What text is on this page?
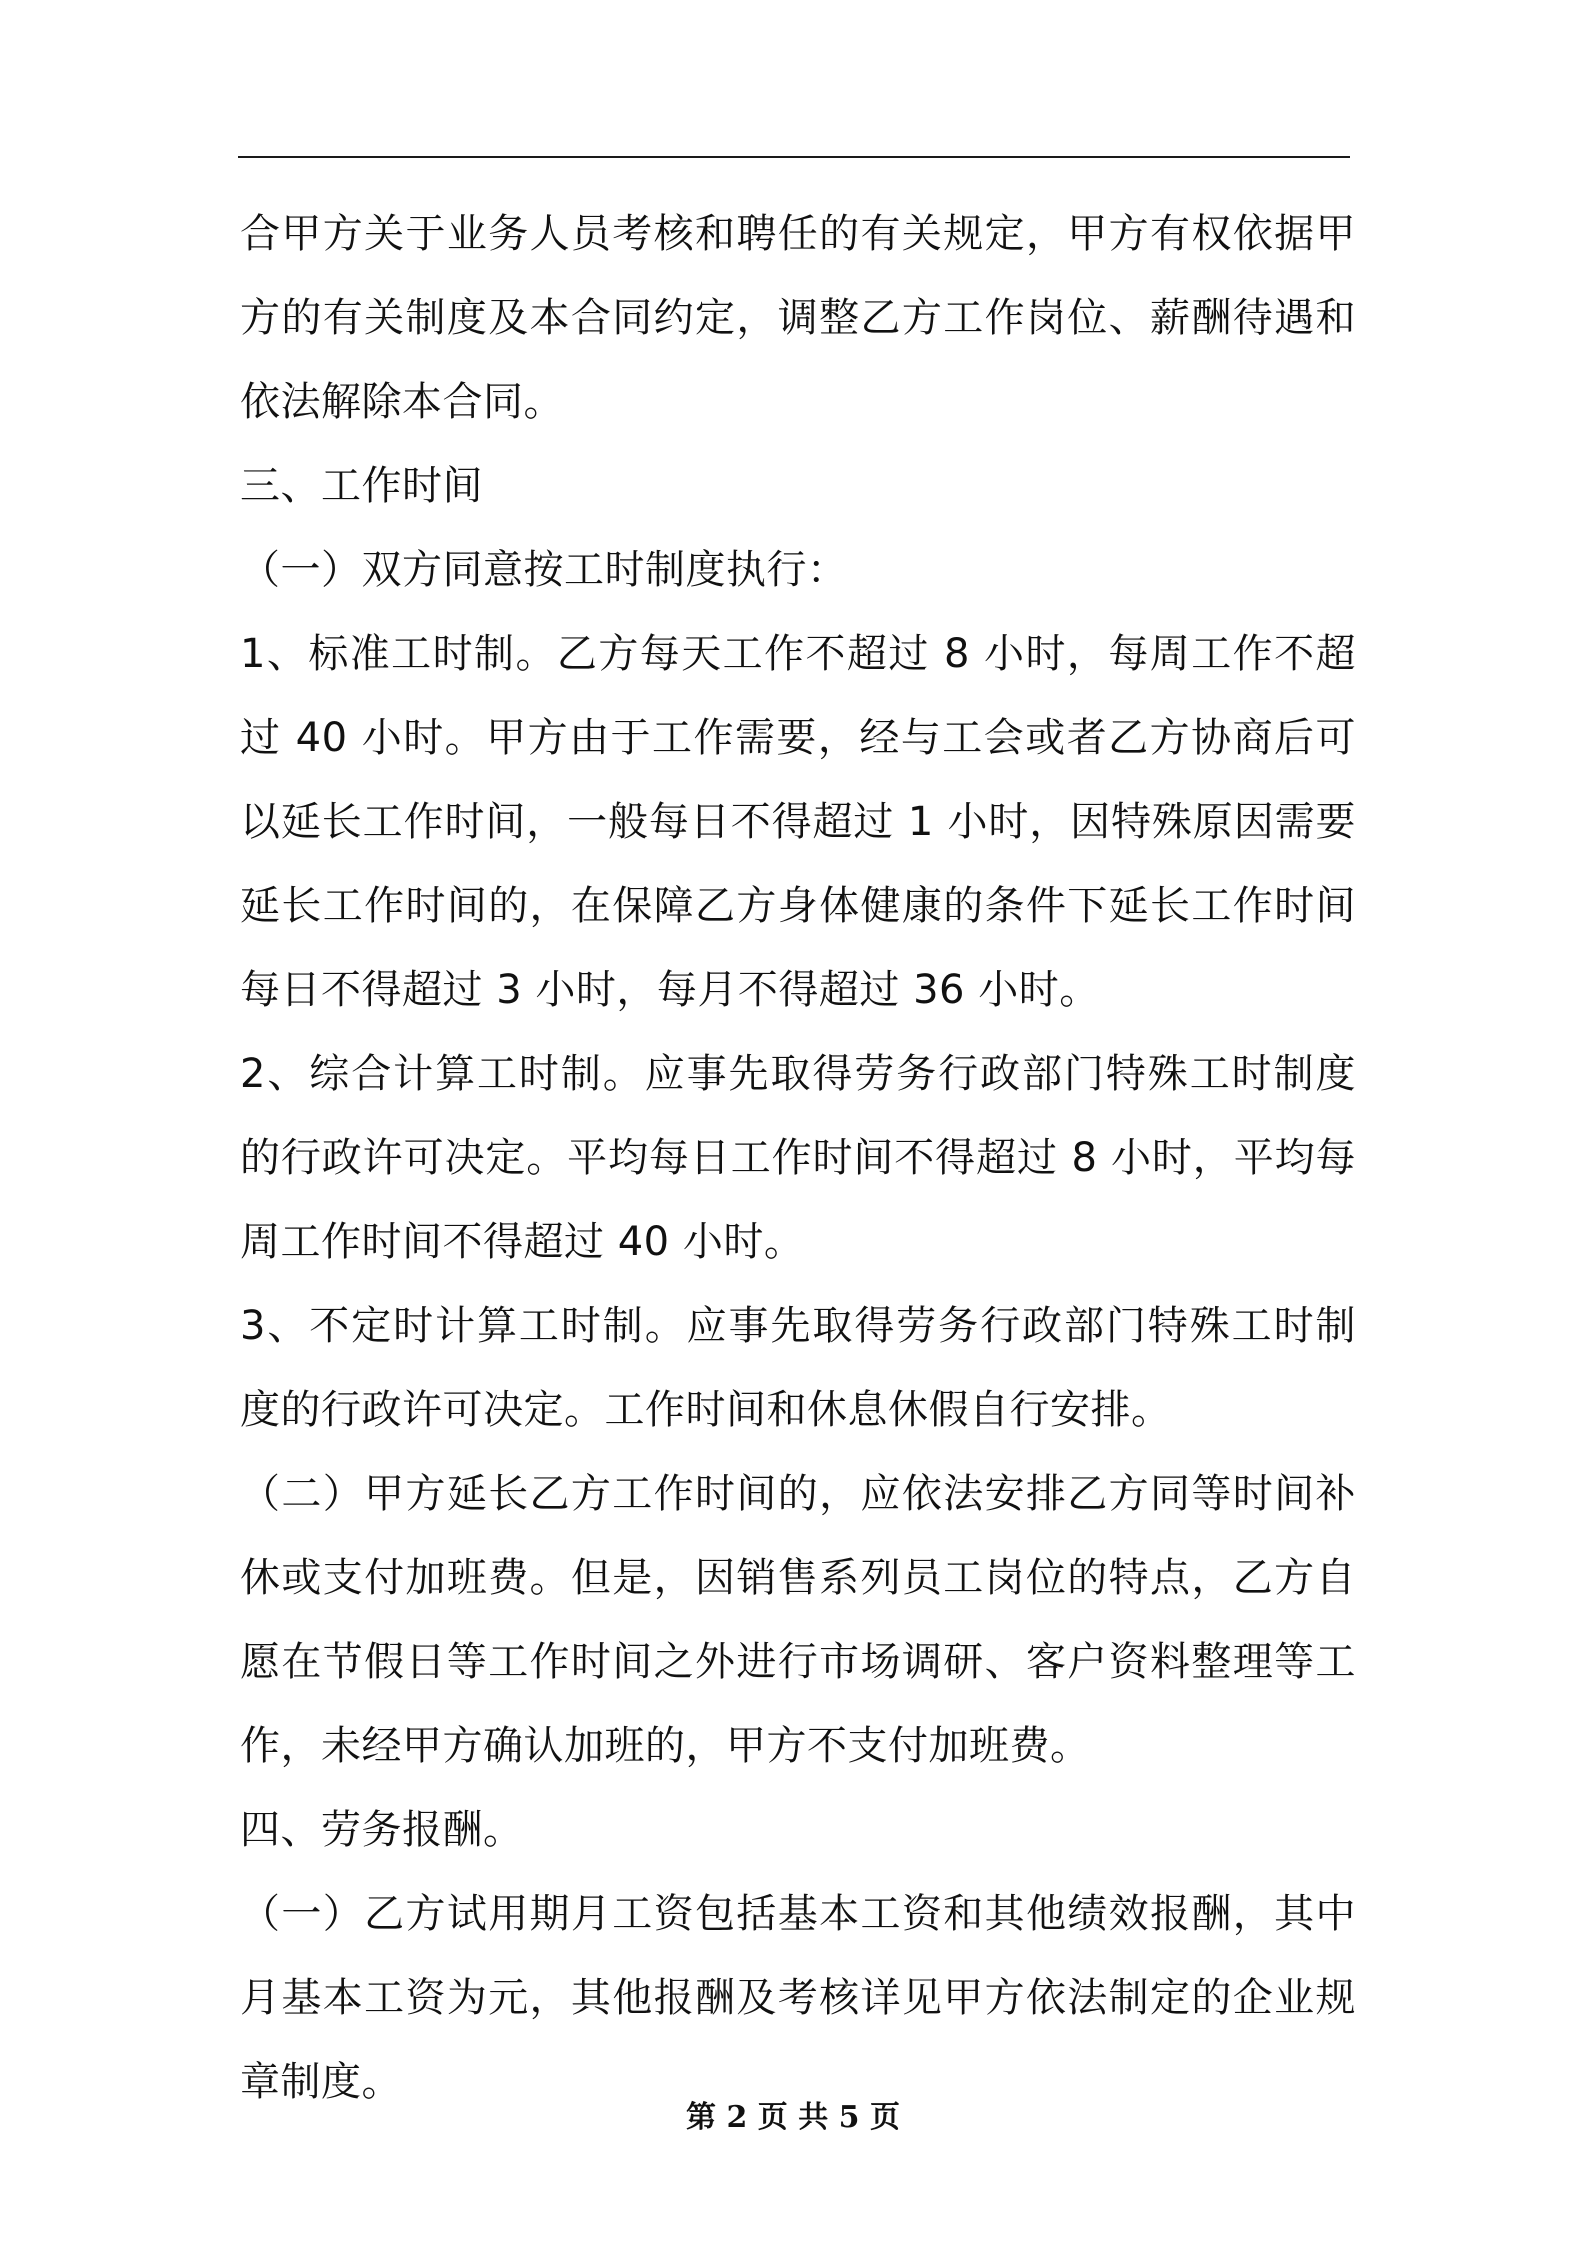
合甲方关于业务人员考核和聘任的有关规定，甲方有权依据甲方的有关制度及本合同约定，调整乙方工作岗位、薪酬待遇和依法解除本合同。

三、工作时间

（一）双方同意按工时制度执行：

1、标准工时制。乙方每天工作不超过 8 小时，每周工作不超过 40 小时。甲方由于工作需要，经与工会或者乙方协商后可以延长工作时间，一般每日不得超过 1 小时，因特殊原因需要延长工作时间的，在保障乙方身体健康的条件下延长工作时间每日不得超过 3 小时，每月不得超过 36 小时。

2、综合计算工时制。应事先取得劳务行政部门特殊工时制度的行政许可决定。平均每日工作时间不得超过 8 小时，平均每周工作时间不得超过 40 小时。

3、不定时计算工时制。应事先取得劳务行政部门特殊工时制度的行政许可决定。工作时间和休息休假自行安排。

（二）甲方延长乙方工作时间的，应依法安排乙方同等时间补休或支付加班费。但是，因销售系列员工岗位的特点，乙方自愿在节假日等工作时间之外进行市场调研、客户资料整理等工作，未经甲方确认加班的，甲方不支付加班费。

四、劳务报酬。

（一）乙方试用期月工资包括基本工资和其他绩效报酬，其中月基本工资为元，其他报酬及考核详见甲方依法制定的企业规章制度。

第 2 页 共 5 页
